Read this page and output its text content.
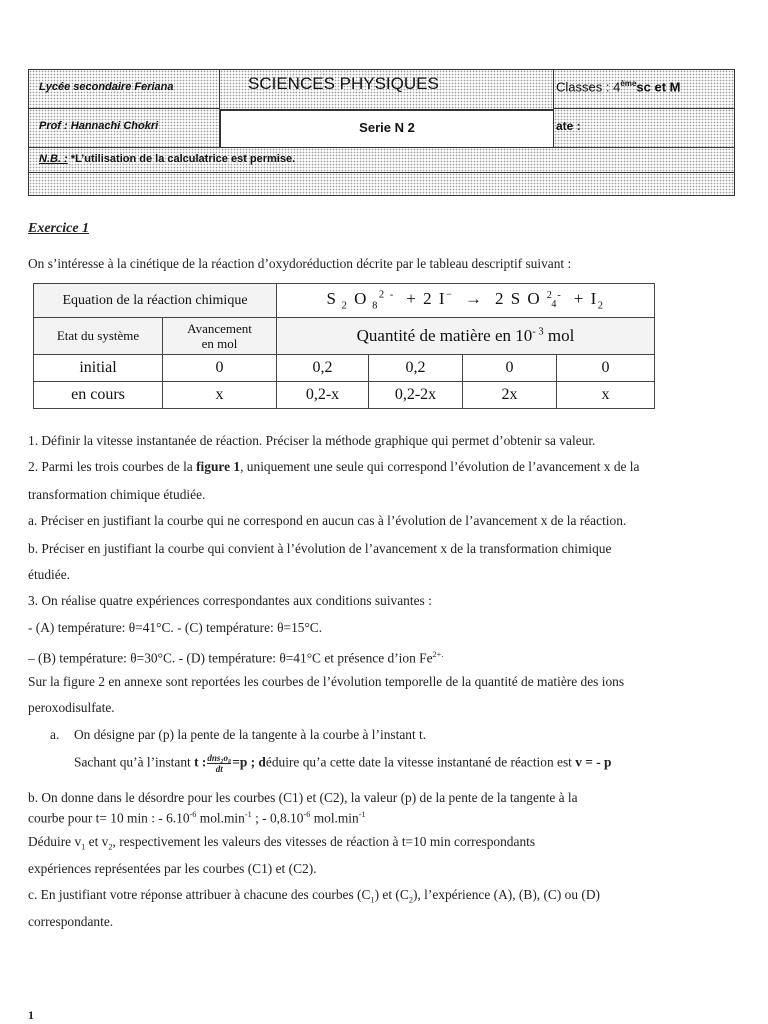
Lycée secondaire Feriana
Prof : Hannachi Chokri
SCIENCES PHYSIQUES
Serie N 2
Classes : 4èmesc et M
ate :
N.B. : *L’utilisation de la calculatrice est permise.
Exercice 1
On s’intéresse à la cinétique de la réaction d’oxydoréduction décrite par le tableau descriptif suivant :
Equation de la réaction chimique		S $_2$ O $_8^{2 -}$ + 2 I− → 2 S O 2 -
$4 + I_2$
Etat du système	Avancement
en mol	Quantité de matière en $10^{- 3}$ mol			
initial	0	0,2	0,2	0	0
en cours	x	0,2-x	0,2-2x	2x	x
1. Définir la vitesse instantanée de réaction. Préciser la méthode graphique qui permet d’obtenir sa valeur.
2. Parmi les trois courbes de la figure 1, uniquement une seule qui correspond l’évolution de l’avancement x de la
transformation chimique étudiée.
a. Préciser en justifiant la courbe qui ne correspond en aucun cas à l’évolution de l’avancement x de la réaction.
b. Préciser en justifiant la courbe qui convient à l’évolution de l’avancement x de la transformation chimique
étudiée.
3. On réalise quatre expériences correspondantes aux conditions suivantes :
- (A) température: θ=41°C. - (C) température: θ=15°C.
– (B) température: θ=30°C. - (D) température: θ=41°C et présence d’ion $Fe^{2+.}$
Sur la figure 2 en annexe sont reportées les courbes de l’évolution temporelle de la quantité de matière des ions
peroxodisulfate.
a. On désigne par (p) la pente de la tangente à la courbe à l’instant t.
Sachant qu’à l’instant t : $\frac{\text{dns₂o₈}}{dt} =p$ ; déduire qu’a cette date la vitesse instantané de réaction est v = - p
b. On donne dans le désordre pour les courbes (C1) et (C2), la valeur (p) de la pente de la tangente à la
courbe pour t= 10 min : - $6.10^{-6}$ $mol.\min^{-1}$ ; - $0,8.10^{-6}$ $mol.\min^{-1}$
Déduire $v_1$ et $v_2$, respectivement les valeurs des vitesses de réaction à t=10 min correspondants
expériences représentées par les courbes (C1) et (C2).
c. En justifiant votre réponse attribuer à chacune des courbes $(C_1)$ et $(C_2)$, l’expérience (A), (B), (C) ou (D)
correspondante.
1
